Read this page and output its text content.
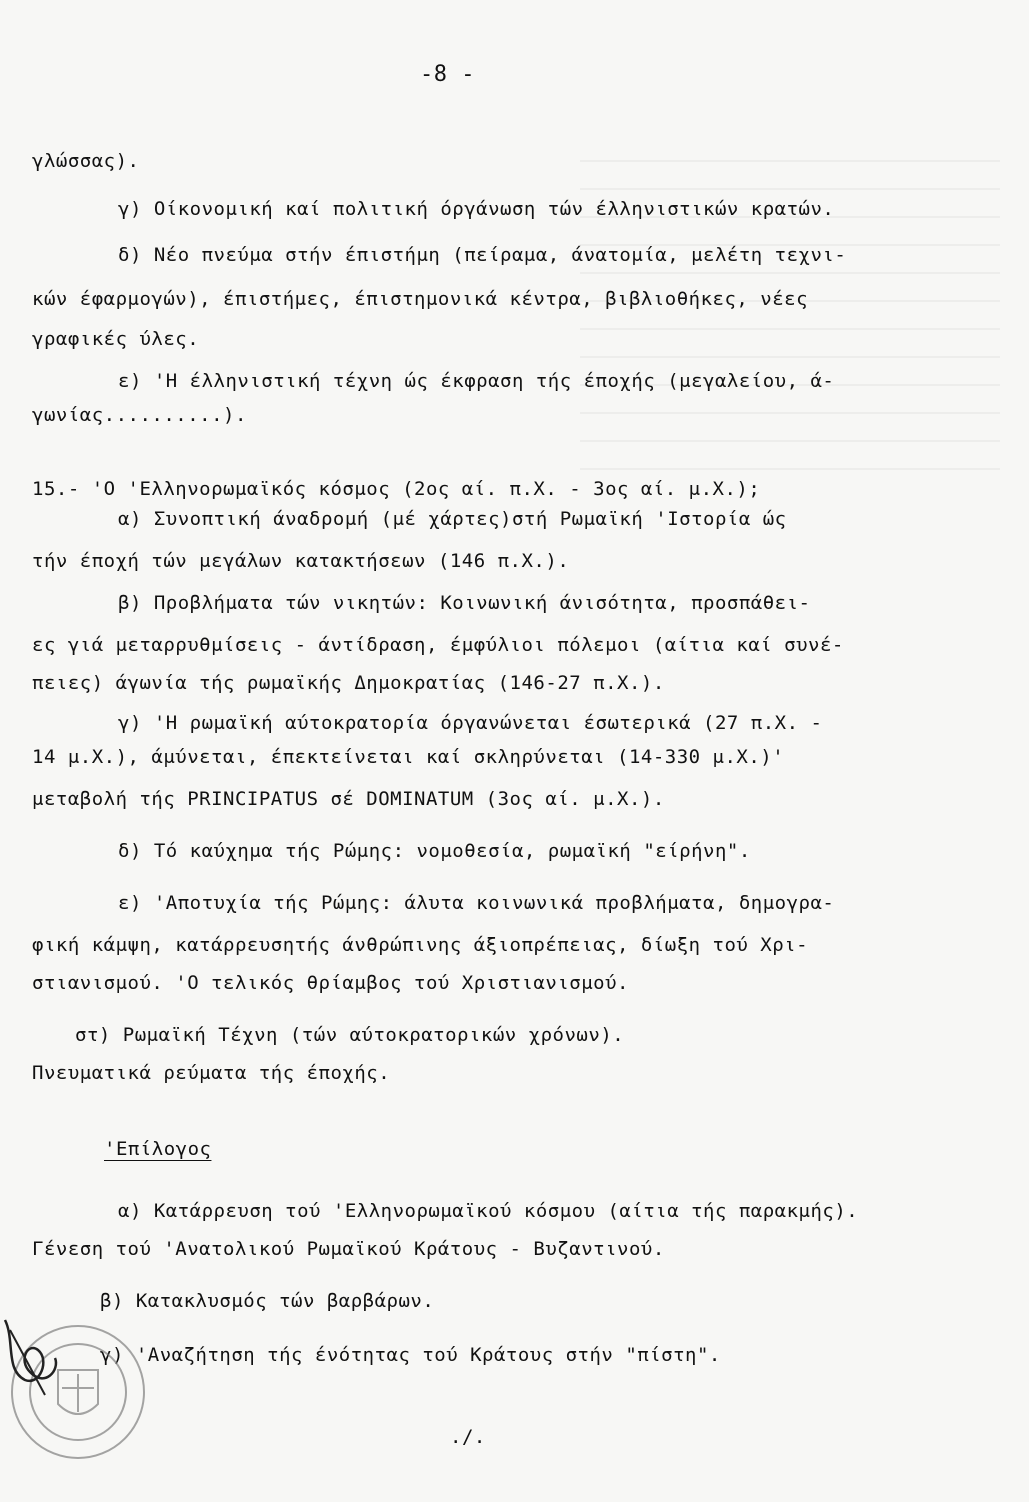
-8 -
γλώσσας).
γ) Οίκονομική καί πολιτική όργάνωση τών έλληνιστικών κρατών.
δ) Νέο πνεύμα στήν έπιστήμη (πείραμα, άνατομία, μελέτη τεχνι-
κών έφαρμογών), έπιστήμες, έπιστημονικά κέντρα, βιβλιοθήκες, νέες
γραφικές ύλες.
ε) 'Η έλληνιστική τέχνη ώς έκφραση τής έποχής (μεγαλείου, ά-
γωνίας..........).
15.- 'Ο 'Ελληνορωμαϊκός κόσμος (2ος αί. π.Χ. - 3ος αί. μ.Χ.);
α) Συνοπτική άναδρομή (μέ χάρτες)στή Ρωμαϊκή 'Ιστορία ώς
τήν έποχή τών μεγάλων κατακτήσεων (146 π.Χ.).
β) Προβλήματα τών νικητών: Κοινωνική άνισότητα, προσπάθει-
ες γιά μεταρρυθμίσεις - άντίδραση, έμφύλιοι πόλεμοι (αίτια καί συνέ-
πειες) άγωνία τής ρωμαϊκής Δημοκρατίας (146-27 π.Χ.).
γ) 'Η ρωμαϊκή αύτοκρατορία όργανώνεται έσωτερικά (27 π.Χ. -
14 μ.Χ.), άμύνεται, έπεκτείνεται καί σκληρύνεται (14-330 μ.Χ.)'
μεταβολή τής PRINCIPATUS σέ DOMINATUM (3ος αί. μ.Χ.).
δ) Τό καύχημα τής Ρώμης: νομοθεσία, ρωμαϊκή "είρήνη".
ε) 'Αποτυχία τής Ρώμης: άλυτα κοινωνικά προβλήματα, δημογρα-
φική κάμψη, κατάρρευσητής άνθρώπινης άξιοπρέπειας, δίωξη τού Χρι-
στιανισμού. 'Ο τελικός θρίαμβος τού Χριστιανισμού.
στ) Ρωμαϊκή Τέχνη (τών αύτοκρατορικών χρόνων).
Πνευματικά ρεύματα τής έποχής.
'Επίλογος
α) Κατάρρευση τού 'Ελληνορωμαϊκού κόσμου (αίτια τής παρακμής).
Γένεση τού 'Ανατολικού Ρωμαϊκού Κράτους - Βυζαντινού.
β) Κατακλυσμός τών βαρβάρων.
γ) 'Αναζήτηση τής ένότητας τού Κράτους στήν "πίστη".
./.
